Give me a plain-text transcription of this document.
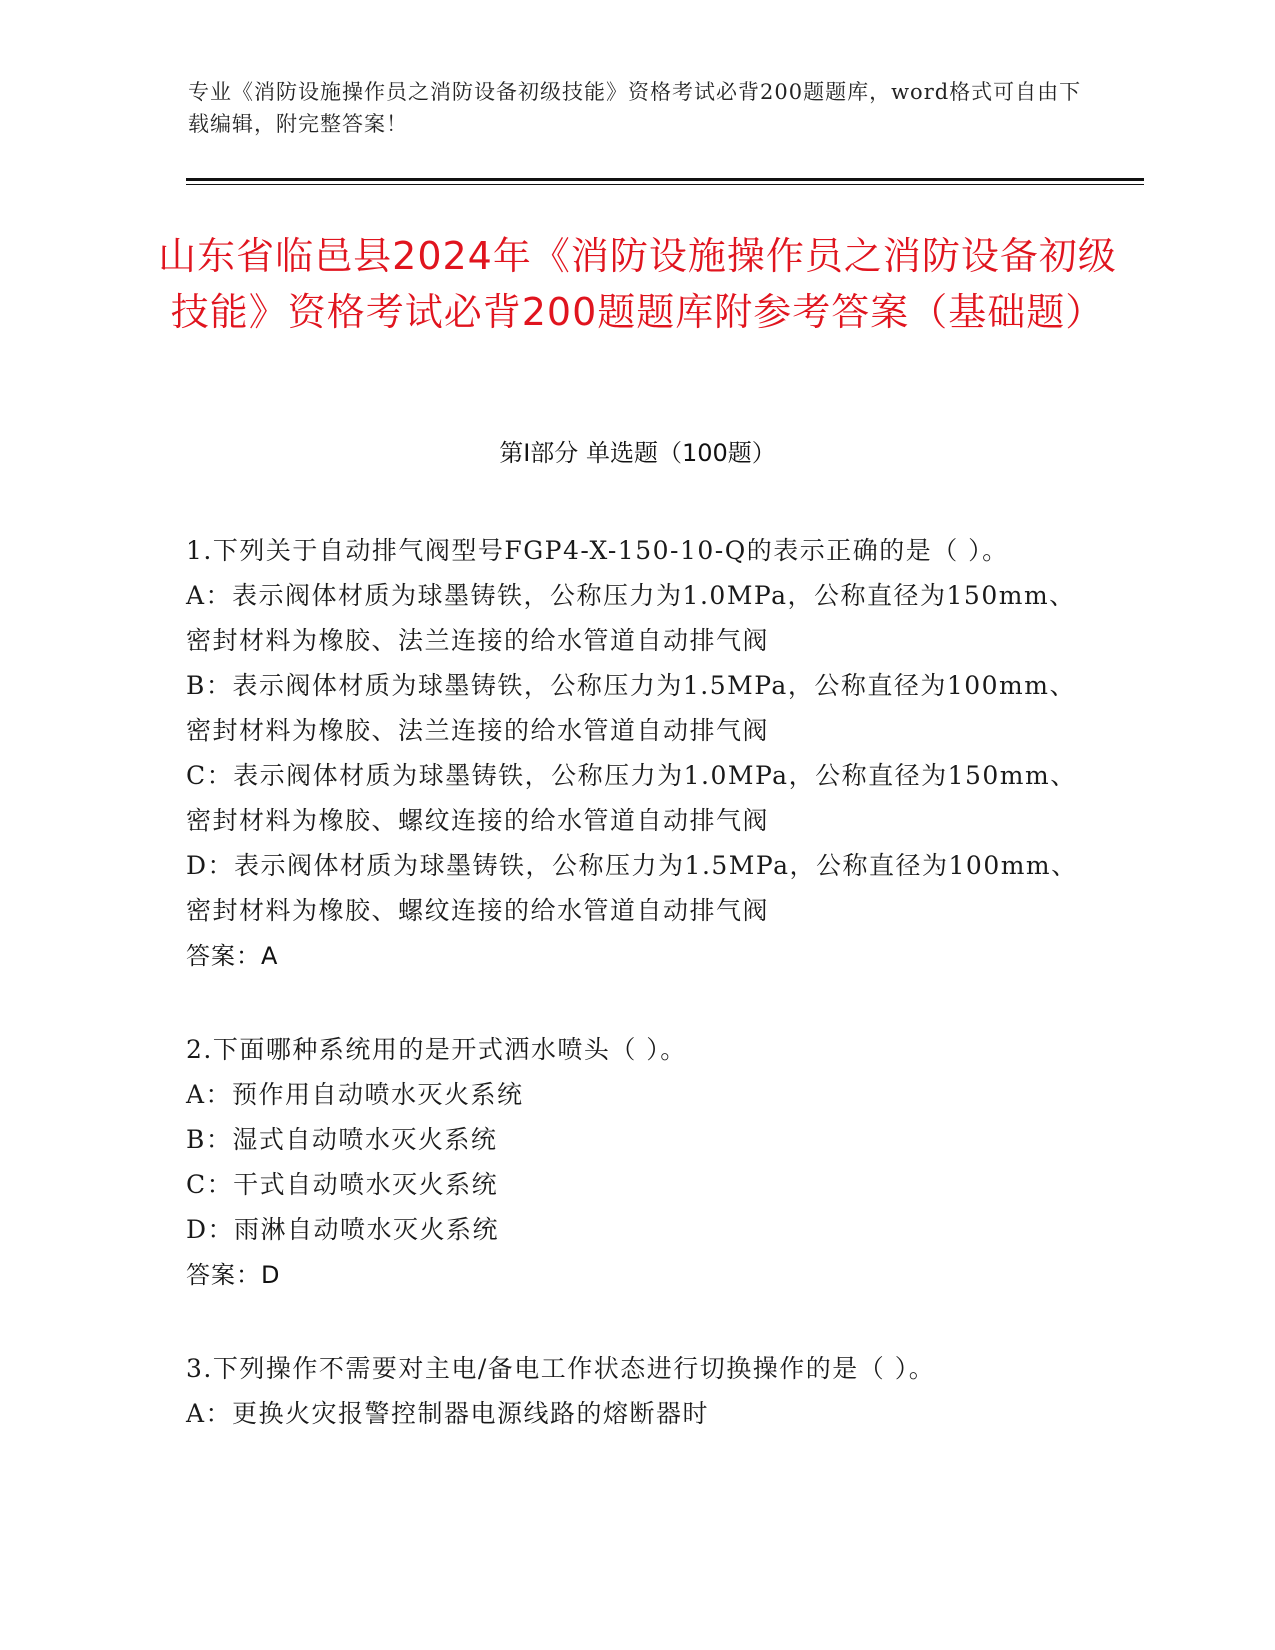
专业《消防设施操作员之消防设备初级技能》资格考试必背200题题库，word格式可自由下载编辑，附完整答案！
山东省临邑县2024年《消防设施操作员之消防设备初级技能》资格考试必背200题题库附参考答案（基础题）
第Ⅰ部分 单选题（100题）
1.下列关于自动排气阀型号FGP4-X-150-10-Q的表示正确的是（ ）。
A：表示阀体材质为球墨铸铁，公称压力为1.0MPa，公称直径为150mm、密封材料为橡胶、法兰连接的给水管道自动排气阀
B：表示阀体材质为球墨铸铁，公称压力为1.5MPa，公称直径为100mm、密封材料为橡胶、法兰连接的给水管道自动排气阀
C：表示阀体材质为球墨铸铁，公称压力为1.0MPa，公称直径为150mm、密封材料为橡胶、螺纹连接的给水管道自动排气阀
D：表示阀体材质为球墨铸铁，公称压力为1.5MPa，公称直径为100mm、密封材料为橡胶、螺纹连接的给水管道自动排气阀
答案：A
2.下面哪种系统用的是开式洒水喷头（ ）。
A：预作用自动喷水灭火系统
B：湿式自动喷水灭火系统
C：干式自动喷水灭火系统
D：雨淋自动喷水灭火系统
答案：D
3.下列操作不需要对主电/备电工作状态进行切换操作的是（ ）。
A：更换火灾报警控制器电源线路的熔断器时
